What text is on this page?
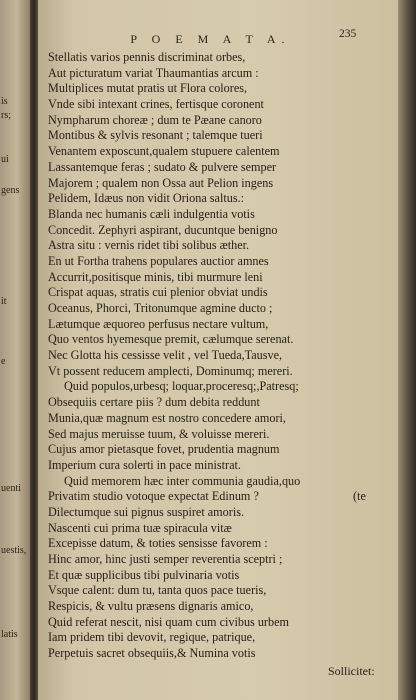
is
rs;
ui
gens
it
e
uenti
uestis,
latis
P O E M A T A.	235
Stellatis varios pennis discriminat orbes,
Aut picturatum variat Thaumantias arcum :
Multiplices mutat pratis ut Flora colores,
Vnde sibi intexant crines, fertisque coronent
Nympharum choreæ ; dum te Pæane canoro
Montibus & sylvis resonant ; talemque tueri
Venantem exposcunt,qualem stupuere calentem
Lassantemque feras ; sudato & pulvere semper
Majorem ; qualem non Ossa aut Pelion ingens
Pelidem, Idæus non vidit Oriona saltus.:
Blanda nec humanis cæli indulgentia votis
Concedit. Zephyri aspirant, ducuntque benigno
Astra situ : vernis ridet tibi solibus æther.
En ut Fortha trahens populares auctior amnes
Accurrit,positisque minis, tibi murmure leni
Crispat aquas, stratis cui plenior obviat undis
Oceanus, Phorci, Tritonumque agmine ducto ;
Lætumque æquoreo perfusus nectare vultum,
Quo ventos hyemesque premit, cælumque serenat.
Nec Glotta his cessisse velit , vel Tueda,Tausve,
Vt possent reducem amplecti, Dominumq; mereri.
Quid populos,urbesq; loquar,proceresq;,Patresq;
Obsequiis certare piis ? dum debita reddunt
Munia,quæ magnum est nostro concedere amori,
Sed majus meruisse tuum, & voluisse mereri.
Cujus amor pietasque fovet, prudentia magnum
Imperium cura solerti in pace ministrat.
Quid memorem hæc inter communia gaudia,quo
Privatim studio votoque expectat Edinum ?	(te
Dilectumque sui pignus suspiret amoris.
Nascenti cui prima tuæ spiracula vitæ
Excepisse datum, & toties sensisse favorem :
Hinc amor, hinc justi semper reverentia sceptri ;
Et quæ supplicibus tibi pulvinaria votis
Vsque calent: dum tu, tanta quos pace tueris,
Respicis, & vultu præsens dignaris amico,
Quid referat nescit, nisi quam cum civibus urbem
Iam pridem tibi devovit, regique, patrique,
Perpetuis sacret obsequiis,& Numina votis
Sollicitet:
